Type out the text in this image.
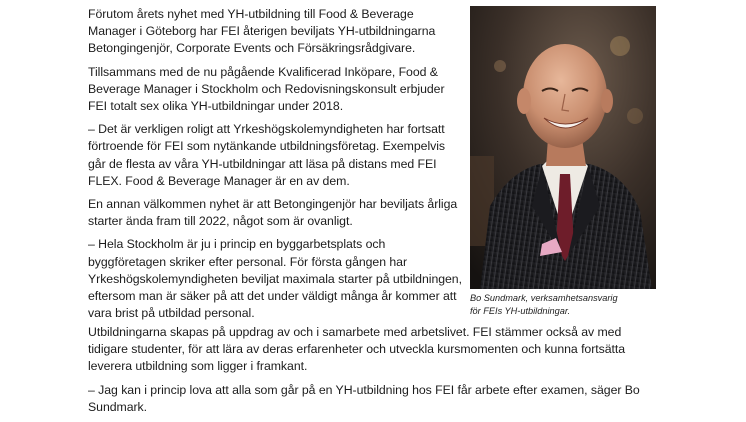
Förutom årets nyhet med YH-utbildning till Food & Beverage Manager i Göteborg har FEI återigen beviljats YH-utbildningarna Betongingenjör, Corporate Events och Försäkringsrådgivare.

Tillsammans med de nu pågående Kvalificerad Inköpare, Food & Beverage Manager i Stockholm och Redovisningskonsult erbjuder FEI totalt sex olika YH-utbildningar under 2018.

– Det är verkligen roligt att Yrkeshögskolemyndigheten har fortsatt förtroende för FEI som nytänkande utbildningsföretag. Exempelvis går de flesta av våra YH-utbildningar att läsa på distans med FEI FLEX. Food & Beverage Manager är en av dem.

En annan välkommen nyhet är att Betongingenjör har beviljats årliga starter ända fram till 2022, något som är ovanligt.

– Hela Stockholm är ju i princip en byggarbetsplats och byggföretagen skriker efter personal. För första gången har Yrkeshögskolemyndigheten beviljat maximala starter på utbildningen, eftersom man är säker på att det under väldigt många år kommer att vara brist på utbildad personal.

Bo Sundmark, verksamhetsansvarig
för FEIs YH-utbildningar.

Utbildningarna skapas på uppdrag av och i samarbete med arbetslivet. FEI stämmer också av med tidigare studenter, för att lära av deras erfarenheter och utveckla kursmomenten och kunna fortsätta leverera utbildning som ligger i framkant.

– Jag kan i princip lova att alla som går på en YH-utbildning hos FEI får arbete efter examen, säger Bo Sundmark.
